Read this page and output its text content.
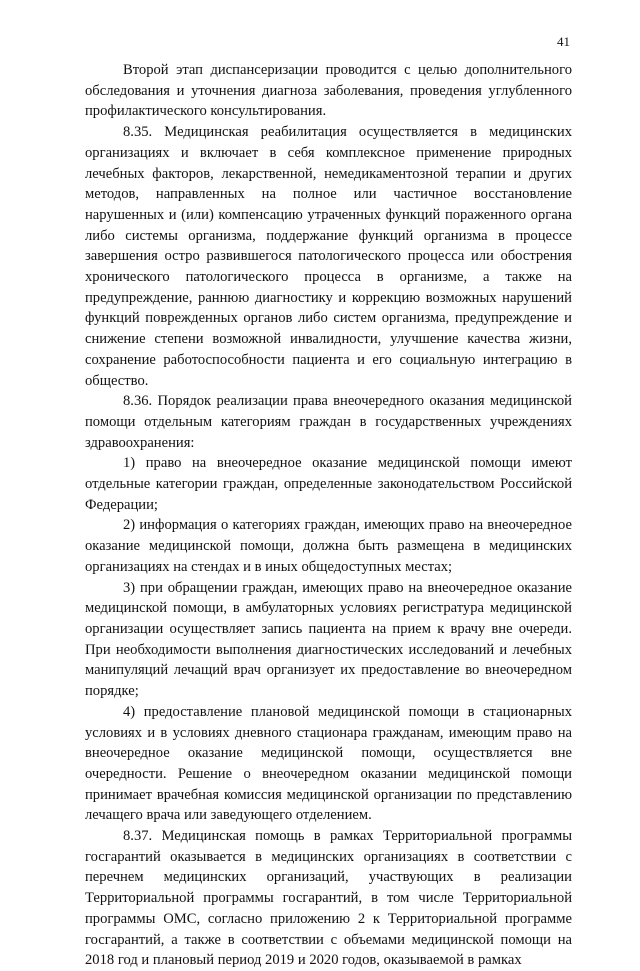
41

Второй этап диспансеризации проводится с целью дополнительного обследования и уточнения диагноза заболевания, проведения углубленного профилактического консультирования.

8.35. Медицинская реабилитация осуществляется в медицинских организациях и включает в себя комплексное применение природных лечебных факторов, лекарственной, немедикаментозной терапии и других методов, направленных на полное или частичное восстановление нарушенных и (или) компенсацию утраченных функций пораженного органа либо системы организма, поддержание функций организма в процессе завершения остро развившегося патологического процесса или обострения хронического патологического процесса в организме, а также на предупреждение, раннюю диагностику и коррекцию возможных нарушений функций поврежденных органов либо систем организма, предупреждение и снижение степени возможной инвалидности, улучшение качества жизни, сохранение работоспособности пациента и его социальную интеграцию в общество.

8.36. Порядок реализации права внеочередного оказания медицинской помощи отдельным категориям граждан в государственных учреждениях здравоохранения:

1) право на внеочередное оказание медицинской помощи имеют отдельные категории граждан, определенные законодательством Российской Федерации;

2) информация о категориях граждан, имеющих право на внеочередное оказание медицинской помощи, должна быть размещена в медицинских организациях на стендах и в иных общедоступных местах;

3) при обращении граждан, имеющих право на внеочередное оказание медицинской помощи, в амбулаторных условиях регистратура медицинской организации осуществляет запись пациента на прием к врачу вне очереди. При необходимости выполнения диагностических исследований и лечебных манипуляций лечащий врач организует их предоставление во внеочередном порядке;

4) предоставление плановой медицинской помощи в стационарных условиях и в условиях дневного стационара гражданам, имеющим право на внеочередное оказание медицинской помощи, осуществляется вне очередности. Решение о внеочередном оказании медицинской помощи принимает врачебная комиссия медицинской организации по представлению лечащего врача или заведующего отделением.

8.37. Медицинская помощь в рамках Территориальной программы госгарантий оказывается в медицинских организациях в соответствии с перечнем медицинских организаций, участвующих в реализации Территориальной программы госгарантий, в том числе Территориальной программы ОМС, согласно приложению 2 к Территориальной программе госгарантий, а также в соответствии с объемами медицинской помощи на 2018 год и плановый период 2019 и 2020 годов, оказываемой в рамках
